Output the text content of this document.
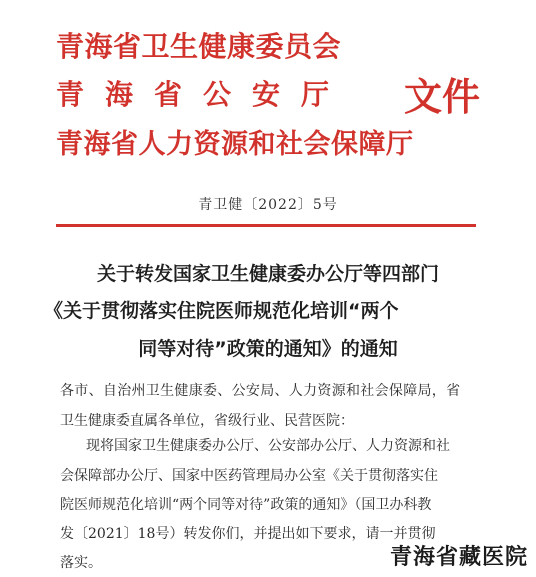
青海省卫生健康委员会
青海省公安厅
青海省人力资源和社会保障厅
文件
青卫健〔2022〕5号
关于转发国家卫生健康委办公厅等四部门
《关于贯彻落实住院医师规范化培训“两个
同等对待”政策的通知》的通知
各市、自治州卫生健康委、公安局、人力资源和社会保障局，省
卫生健康委直属各单位，省级行业、民营医院：
现将国家卫生健康委办公厅、公安部办公厅、人力资源和社
会保障部办公厅、国家中医药管理局办公室《关于贯彻落实住
院医师规范化培训“两个同等对待”政策的通知》（国卫办科教
发〔2021〕18号）转发你们，并提出如下要求，请一并贯彻
落实。	青海省藏医院
